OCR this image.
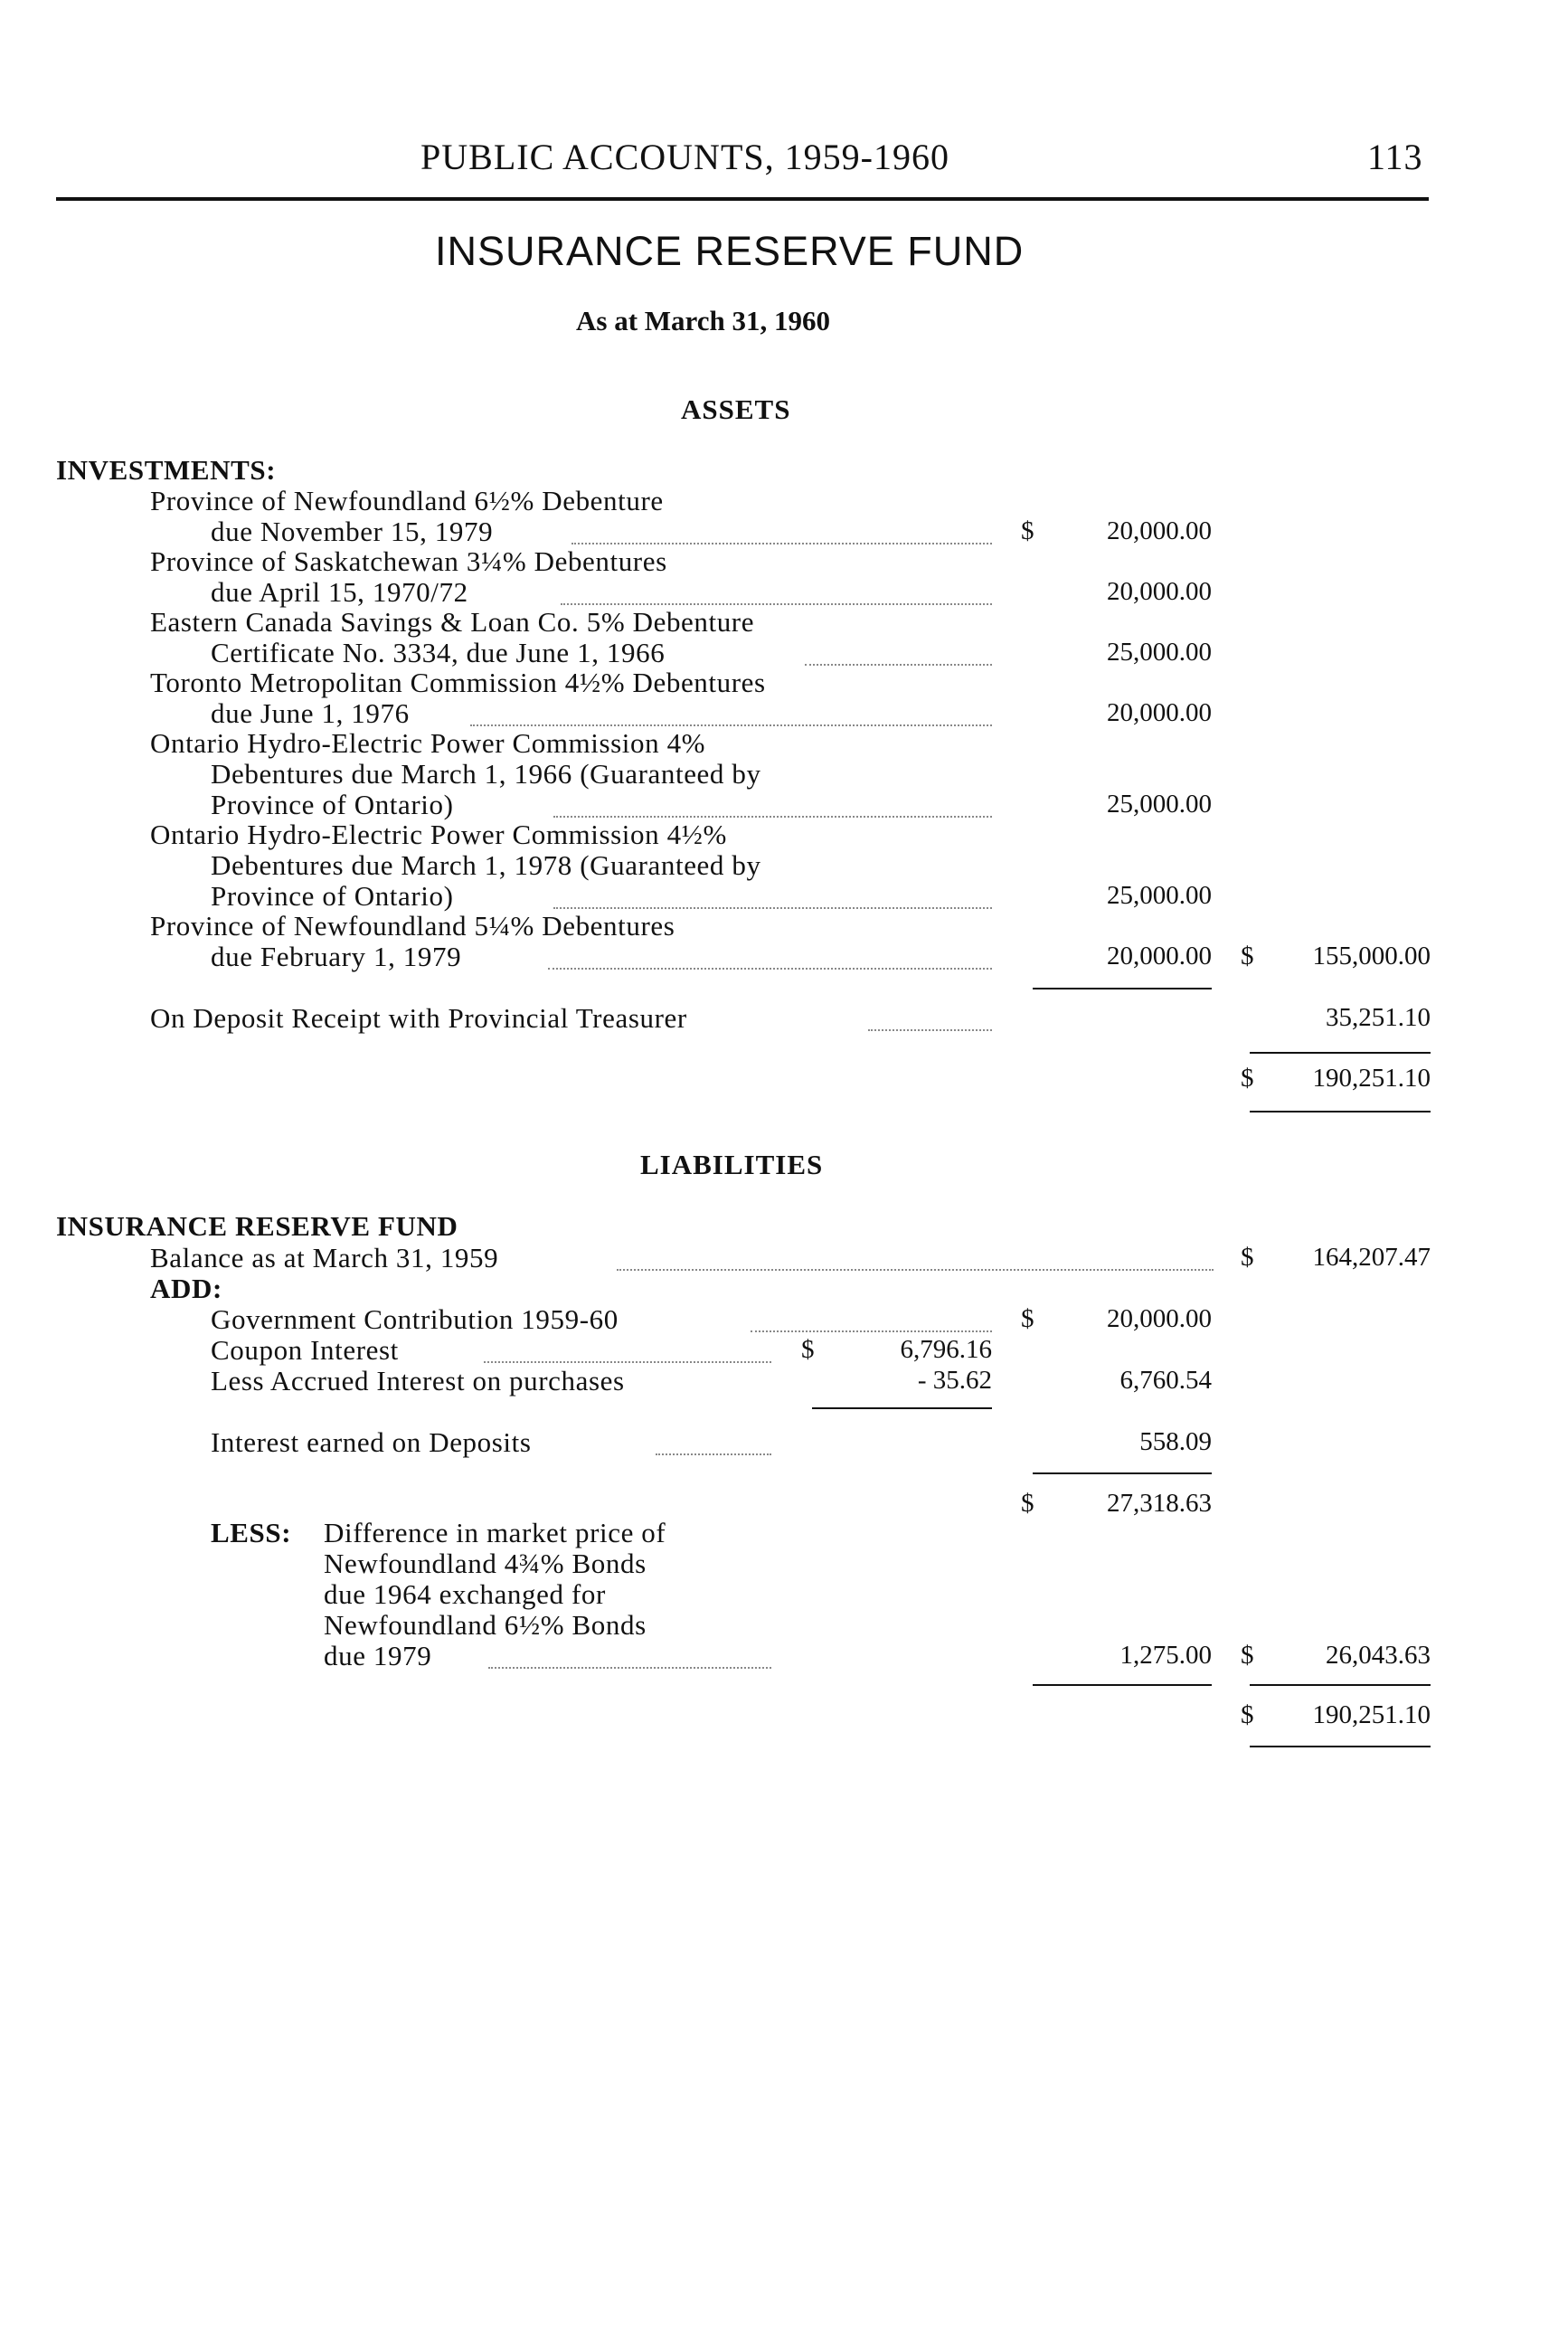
PUBLIC ACCOUNTS, 1959-1960	113
INSURANCE RESERVE FUND
As at March 31, 1960
ASSETS
INVESTMENTS:
Province of Newfoundland 6½% Debenture
due November 15, 1979	$	20,000.00
Province of Saskatchewan 3¼% Debentures
due April 15, 1970/72	20,000.00
Eastern Canada Savings & Loan Co. 5% Debenture
Certificate No. 3334, due June 1, 1966	25,000.00
Toronto Metropolitan Commission 4½% Debentures
due June 1, 1976	20,000.00
Ontario Hydro-Electric Power Commission 4%
Debentures due March 1, 1966 (Guaranteed by
Province of Ontario)	25,000.00
Ontario Hydro-Electric Power Commission 4½%
Debentures due March 1, 1978 (Guaranteed by
Province of Ontario)	25,000.00
Province of Newfoundland 5¼% Debentures
due February 1, 1979	20,000.00 $	155,000.00
On Deposit Receipt with Provincial Treasurer	35,251.10
$	190,251.10
LIABILITIES
INSURANCE RESERVE FUND
Balance as at March 31, 1959	$	164,207.47
ADD:
Government Contribution 1959-60	$	20,000.00
Coupon Interest	$	6,796.16
Less Accrued Interest on purchases	- 35.62	6,760.54
Interest earned on Deposits	558.09
$	27,318.63
LESS: Difference in market price of
Newfoundland 4¾% Bonds
due 1964 exchanged for
Newfoundland 6½% Bonds
due 1979	1,275.00 $	26,043.63
$	190,251.10
